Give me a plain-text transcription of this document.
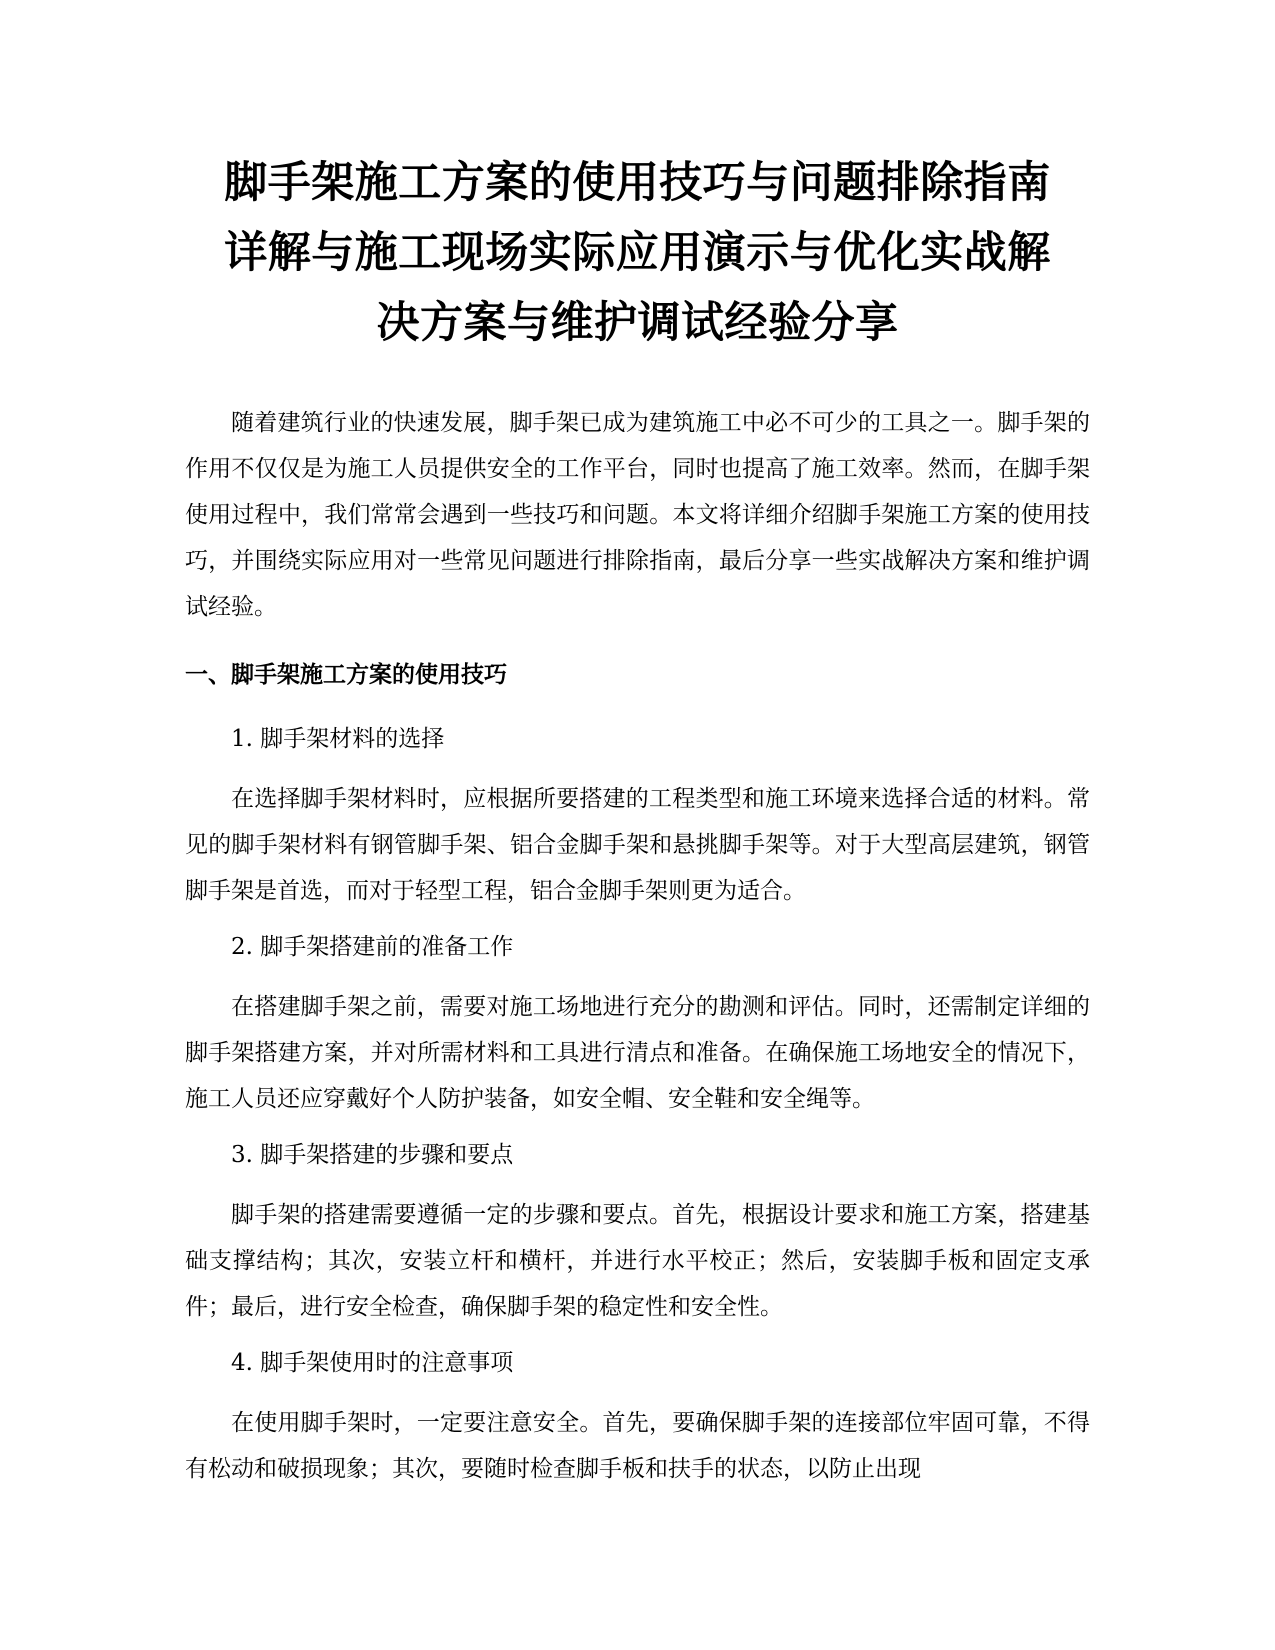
脚手架施工方案的使用技巧与问题排除指南
详解与施工现场实际应用演示与优化实战解
决方案与维护调试经验分享

随着建筑行业的快速发展，脚手架已成为建筑施工中必不可少的工具之一。脚手架的作用不仅仅是为施工人员提供安全的工作平台，同时也提高了施工效率。然而，在脚手架使用过程中，我们常常会遇到一些技巧和问题。本文将详细介绍脚手架施工方案的使用技巧，并围绕实际应用对一些常见问题进行排除指南，最后分享一些实战解决方案和维护调试经验。

一、脚手架施工方案的使用技巧

1. 脚手架材料的选择

在选择脚手架材料时，应根据所要搭建的工程类型和施工环境来选择合适的材料。常见的脚手架材料有钢管脚手架、铝合金脚手架和悬挑脚手架等。对于大型高层建筑，钢管脚手架是首选，而对于轻型工程，铝合金脚手架则更为适合。

2. 脚手架搭建前的准备工作

在搭建脚手架之前，需要对施工场地进行充分的勘测和评估。同时，还需制定详细的脚手架搭建方案，并对所需材料和工具进行清点和准备。在确保施工场地安全的情况下，施工人员还应穿戴好个人防护装备，如安全帽、安全鞋和安全绳等。

3. 脚手架搭建的步骤和要点

脚手架的搭建需要遵循一定的步骤和要点。首先，根据设计要求和施工方案，搭建基础支撑结构；其次，安装立杆和横杆，并进行水平校正；然后，安装脚手板和固定支承件；最后，进行安全检查，确保脚手架的稳定性和安全性。

4. 脚手架使用时的注意事项

在使用脚手架时，一定要注意安全。首先，要确保脚手架的连接部位牢固可靠，不得有松动和破损现象；其次，要随时检查脚手板和扶手的状态，以防止出现
